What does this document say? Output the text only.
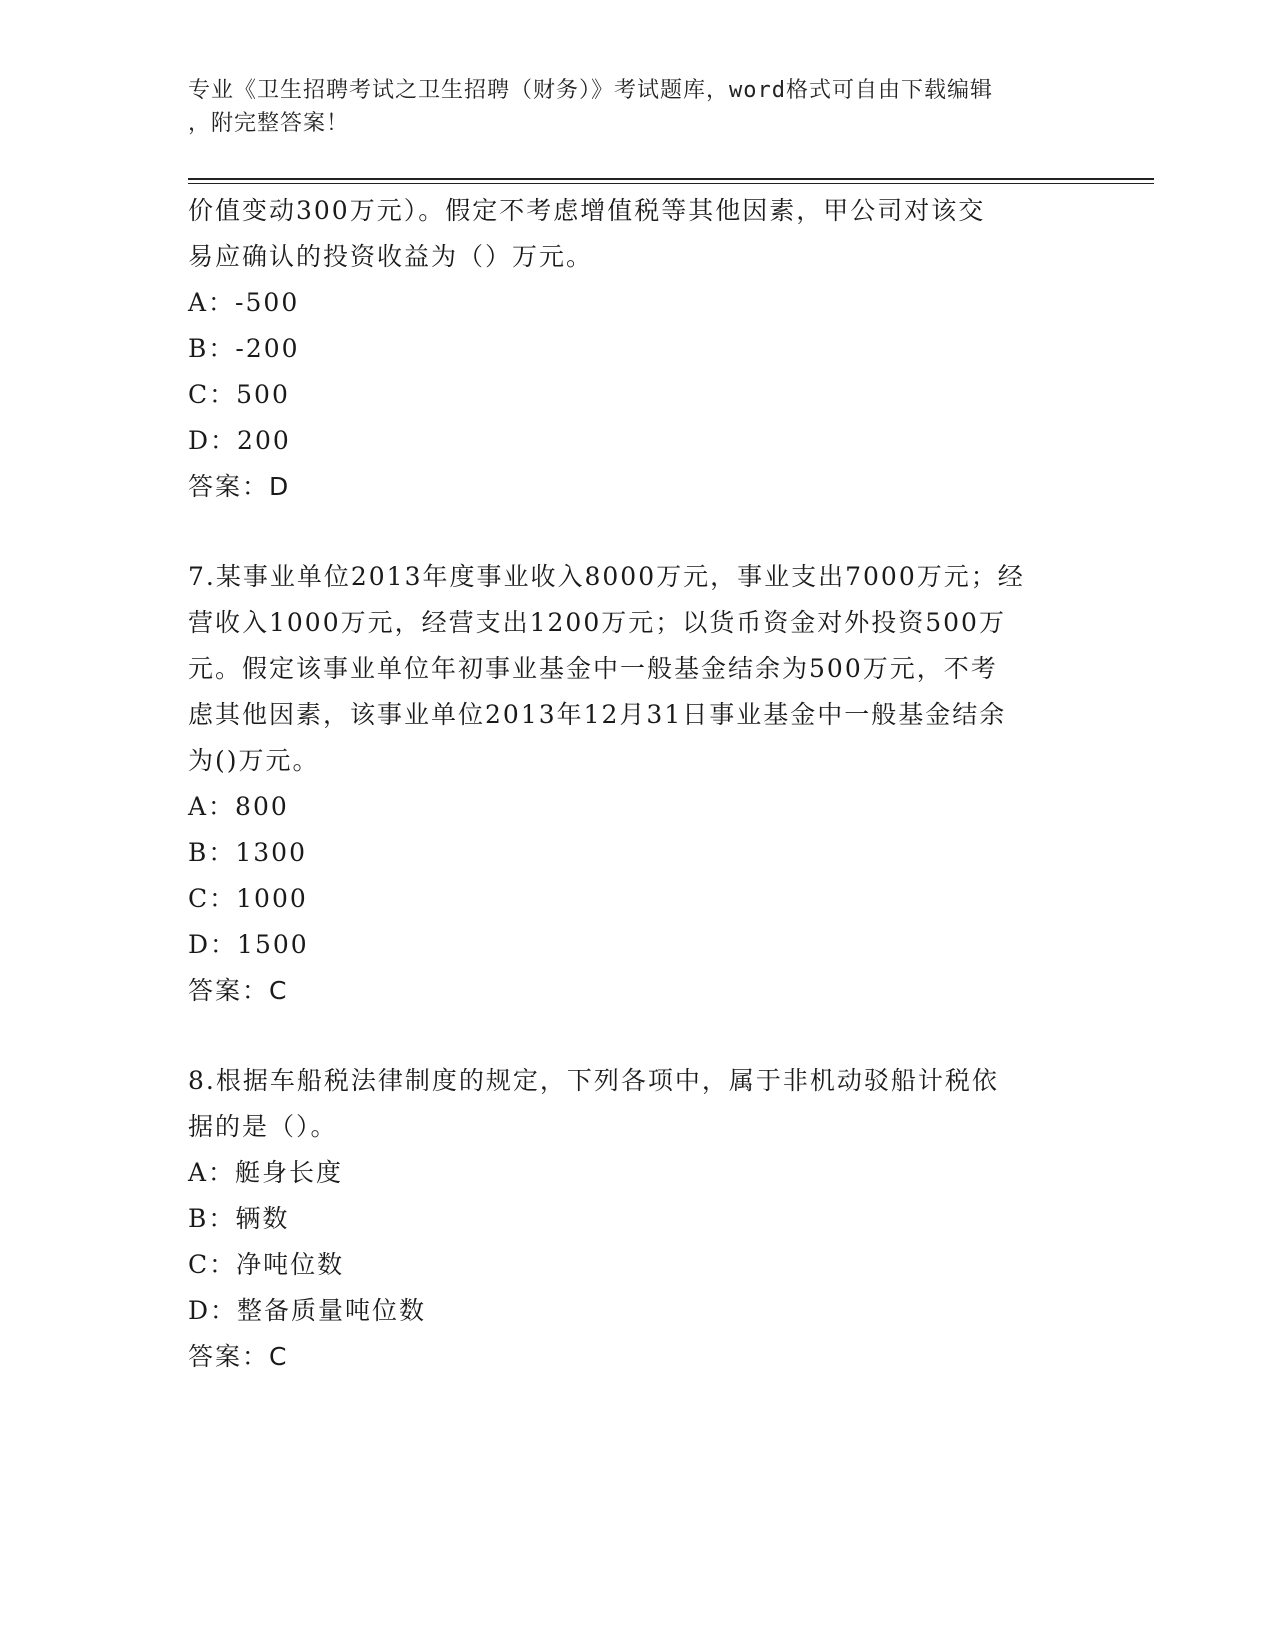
专业《卫生招聘考试之卫生招聘（财务）》考试题库，word格式可自由下载编辑
，附完整答案！

价值变动300万元）。假定不考虑增值税等其他因素，甲公司对该交

易应确认的投资收益为（）万元。

A：-500

B：-200

C：500

D：200

答案：D

7.某事业单位2013年度事业收入8000万元，事业支出7000万元；经

营收入1000万元，经营支出1200万元；以货币资金对外投资500万

元。假定该事业单位年初事业基金中一般基金结余为500万元，不考

虑其他因素，该事业单位2013年12月31日事业基金中一般基金结余

为()万元。

A：800

B：1300

C：1000

D：1500

答案：C

8.根据车船税法律制度的规定，下列各项中，属于非机动驳船计税依

据的是（）。

A：艇身长度

B：辆数

C：净吨位数

D：整备质量吨位数

答案：C
